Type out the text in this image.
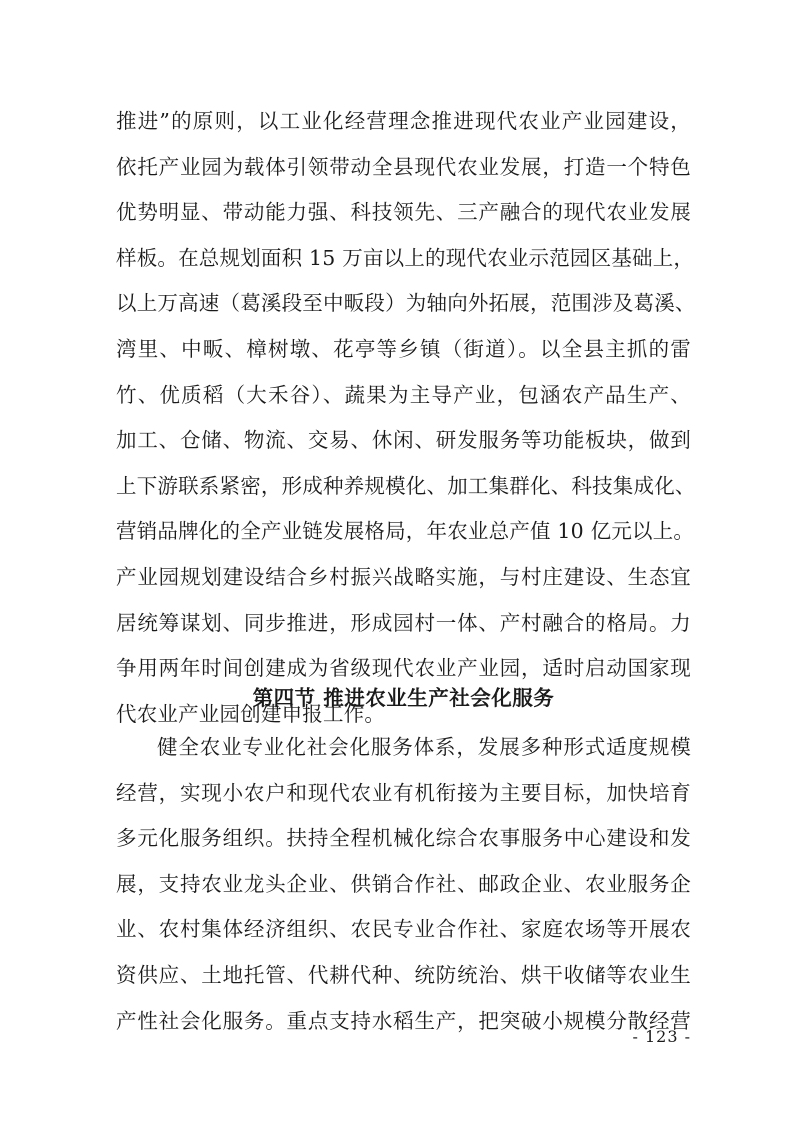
推进”的原则，以工业化经营理念推进现代农业产业园建设，
依托产业园为载体引领带动全县现代农业发展，打造一个特色
优势明显、带动能力强、科技领先、三产融合的现代农业发展
样板。在总规划面积 15 万亩以上的现代农业示范园区基础上，
以上万高速（葛溪段至中畈段）为轴向外拓展，范围涉及葛溪、
湾里、中畈、樟树墩、花亭等乡镇（街道）。以全县主抓的雷
竹、优质稻（大禾谷）、蔬果为主导产业，包涵农产品生产、
加工、仓储、物流、交易、休闲、研发服务等功能板块，做到
上下游联系紧密，形成种养规模化、加工集群化、科技集成化、
营销品牌化的全产业链发展格局，年农业总产值 10 亿元以上。
产业园规划建设结合乡村振兴战略实施，与村庄建设、生态宜
居统筹谋划、同步推进，形成园村一体、产村融合的格局。力
争用两年时间创建成为省级现代农业产业园，适时启动国家现
代农业产业园创建申报工作。
第四节 推进农业生产社会化服务
健全农业专业化社会化服务体系，发展多种形式适度规模
经营，实现小农户和现代农业有机衔接为主要目标，加快培育
多元化服务组织。扶持全程机械化综合农事服务中心建设和发
展，支持农业龙头企业、供销合作社、邮政企业、农业服务企
业、农村集体经济组织、农民专业合作社、家庭农场等开展农
资供应、土地托管、代耕代种、统防统治、烘干收储等农业生
产性社会化服务。重点支持水稻生产，把突破小规模分散经营
- 123 -
